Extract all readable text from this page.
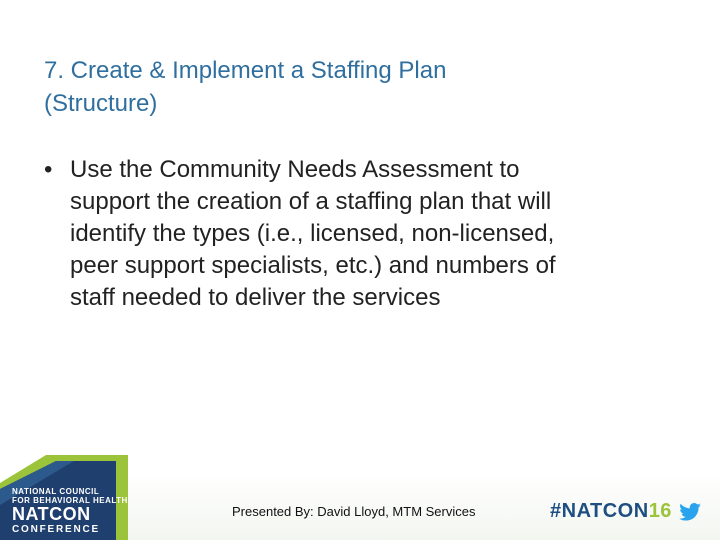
7. Create & Implement a Staffing Plan
(Structure)
• Use the Community Needs Assessment to
support the creation of a staffing plan that will
identify the types (i.e., licensed, non-licensed,
peer support specialists, etc.) and numbers of
staff needed to deliver the services
NATIONAL COUNCIL
FOR BEHAVIORAL HEALTH
NATCON
CONFERENCE
Presented By: David Lloyd, MTM Services	#NATCON16
